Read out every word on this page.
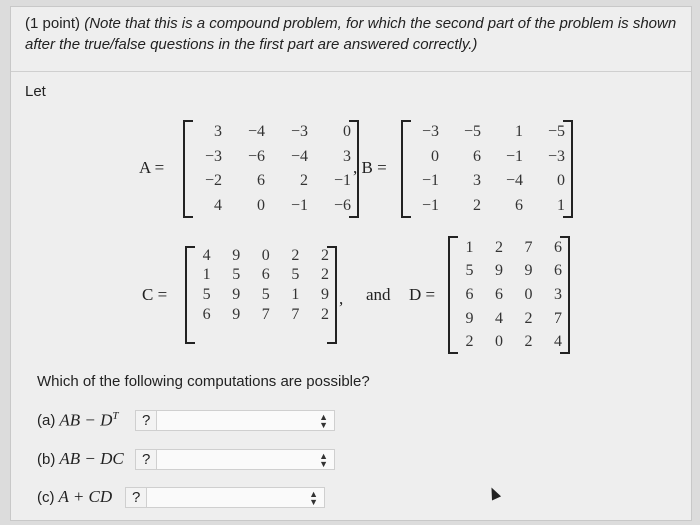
(1 point) (Note that this is a compound problem, for which the second part of the problem is shown after the true/false questions in the first part are answered correctly.)
Let
A =
3	−4	−3	0
−3	−6	−4	3
−2	6	2	−1
4	0	−1	−6
, B =
−3	−5	1	−5
0	6	−1	−3
−1	3	−4	0
−1	2	6	1
C =
4	9	0	2	2
1	5	6	5	2
5	9	5	1	9
6	9	7	7	2
, and D =
1	2	7	6
5	9	9	6
6	6	0	3
9	4	2	7
2	0	2	4
Which of the following computations are possible?
(a) AB − $D^T$	?	▲
▼
(b) AB − DC	?	▲
▼
(c) A + CD	?	▲
▼
